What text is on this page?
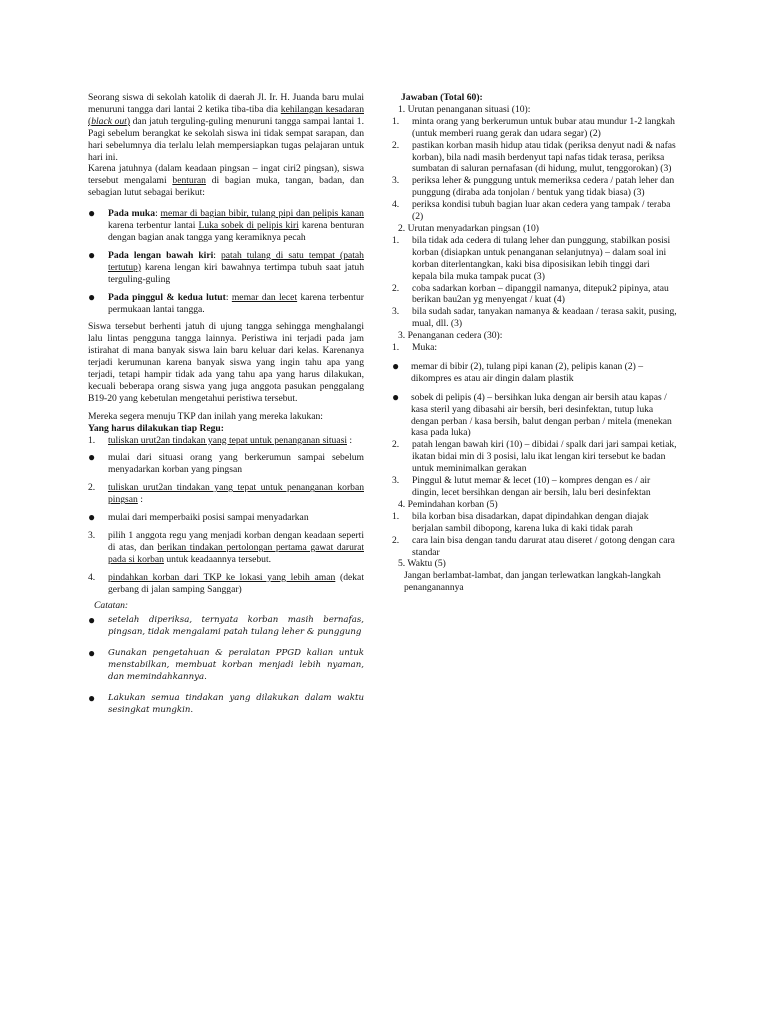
Seorang siswa di sekolah katolik di daerah Jl. Ir. H. Juanda baru mulai menuruni tangga dari lantai 2 ketika tiba-tiba dia kehilangan kesadaran (black out) dan jatuh terguling-guling menuruni tangga sampai lantai 1. Pagi sebelum berangkat ke sekolah siswa ini tidak sempat sarapan, dan hari sebelumnya dia terlalu lelah mempersiapkan tugas pelajaran untuk hari ini.

Karena jatuhnya (dalam keadaan pingsan – ingat ciri2 pingsan), siswa tersebut mengalami benturan di bagian muka, tangan, badan, dan sebagian lutut sebagai berikut:

●	Pada muka: memar di bagian bibir, tulang pipi dan pelipis kanan karena terbentur lantai Luka sobek di pelipis kiri karena benturan dengan bagian anak tangga yang keramiknya pecah
●	Pada lengan bawah kiri: patah tulang di satu tempat (patah tertutup) karena lengan kiri bawahnya tertimpa tubuh saat jatuh terguling-guling
●	Pada pinggul & kedua lutut: memar dan lecet karena terbentur permukaan lantai tangga.

Siswa tersebut berhenti jatuh di ujung tangga sehingga menghalangi lalu lintas pengguna tangga lainnya. Peristiwa ini terjadi pada jam istirahat di mana banyak siswa lain baru keluar dari kelas. Karenanya terjadi kerumunan karena banyak siswa yang ingin tahu apa yang terjadi, tetapi hampir tidak ada yang tahu apa yang harus dilakukan, kecuali beberapa orang siswa yang juga anggota pasukan penggalang B19-20 yang kebetulan mengetahui peristiwa tersebut.

Mereka segera menuju TKP dan inilah yang mereka lakukan:

Yang harus dilakukan tiap Regu:

1.	tuliskan urut2an tindakan yang tepat untuk penanganan situasi :
●	mulai dari situasi orang yang berkerumun sampai sebelum menyadarkan korban yang pingsan
2.	tuliskan urut2an tindakan yang tepat untuk penanganan korban pingsan :
●	mulai dari memperbaiki posisi sampai menyadarkan
3.	pilih 1 anggota regu yang menjadi korban dengan keadaan seperti di atas, dan berikan tindakan pertolongan pertama gawat darurat pada si korban untuk keadaannya tersebut.
4.	pindahkan korban dari TKP ke lokasi yang lebih aman (dekat gerbang di jalan samping Sanggar)

Catatan:

●	setelah diperiksa, ternyata korban masih bernafas, pingsan, tidak mengalami patah tulang leher & punggung
●	Gunakan pengetahuan & peralatan PPGD kalian untuk menstabilkan, membuat korban menjadi lebih nyaman, dan memindahkannya.
●	Lakukan semua tindakan yang dilakukan dalam waktu sesingkat mungkin.

Jawaban (Total 60):

1. Urutan penanganan situasi (10):

1.	minta orang yang berkerumun untuk bubar atau mundur 1-2 langkah (untuk memberi ruang gerak dan udara segar) (2)
2.	pastikan korban masih hidup atau tidak (periksa denyut nadi & nafas korban), bila nadi masih berdenyut tapi nafas tidak terasa, periksa sumbatan di saluran pernafasan (di hidung, mulut, tenggorokan) (3)
3.	periksa leher & punggung untuk memeriksa cedera / patah leher dan punggung (diraba ada tonjolan / bentuk yang tidak biasa) (3)
4.	periksa kondisi tubuh bagian luar akan cedera yang tampak / teraba (2)

2. Urutan menyadarkan pingsan (10)

1.	bila tidak ada cedera di tulang leher dan punggung, stabilkan posisi korban (disiapkan untuk penanganan selanjutnya) – dalam soal ini korban diterlentangkan, kaki bisa diposisikan lebih tinggi dari kepala bila muka tampak pucat (3)
2.	coba sadarkan korban – dipanggil namanya, ditepuk2 pipinya, atau berikan bau2an yg menyengat / kuat (4)
3.	bila sudah sadar, tanyakan namanya & keadaan / terasa sakit, pusing, mual, dll. (3)

3. Penanganan cedera (30):

1.	Muka:
●	memar di bibir (2), tulang pipi kanan (2), pelipis kanan (2) – dikompres es atau air dingin dalam plastik
●	sobek di pelipis (4) – bersihkan luka dengan air bersih atau kapas / kasa steril yang dibasahi air bersih, beri desinfektan, tutup luka dengan perban / kasa bersih, balut dengan perban / mitela (menekan kasa pada luka)
2.	patah lengan bawah kiri (10) – dibidai / spalk dari jari sampai ketiak, ikatan bidai min di 3 posisi, lalu ikat lengan kiri tersebut ke badan untuk meminimalkan gerakan
3.	Pinggul & lutut memar & lecet (10) – kompres dengan es / air dingin, lecet bersihkan dengan air bersih, lalu beri desinfektan

4. Pemindahan korban (5)

1.	bila korban bisa disadarkan, dapat dipindahkan dengan diajak berjalan sambil dibopong, karena luka di kaki tidak parah
2.	cara lain bisa dengan tandu darurat atau diseret / gotong dengan cara standar

5. Waktu (5)

Jangan berlambat-lambat, dan jangan terlewatkan langkah-langkah penanganannya
